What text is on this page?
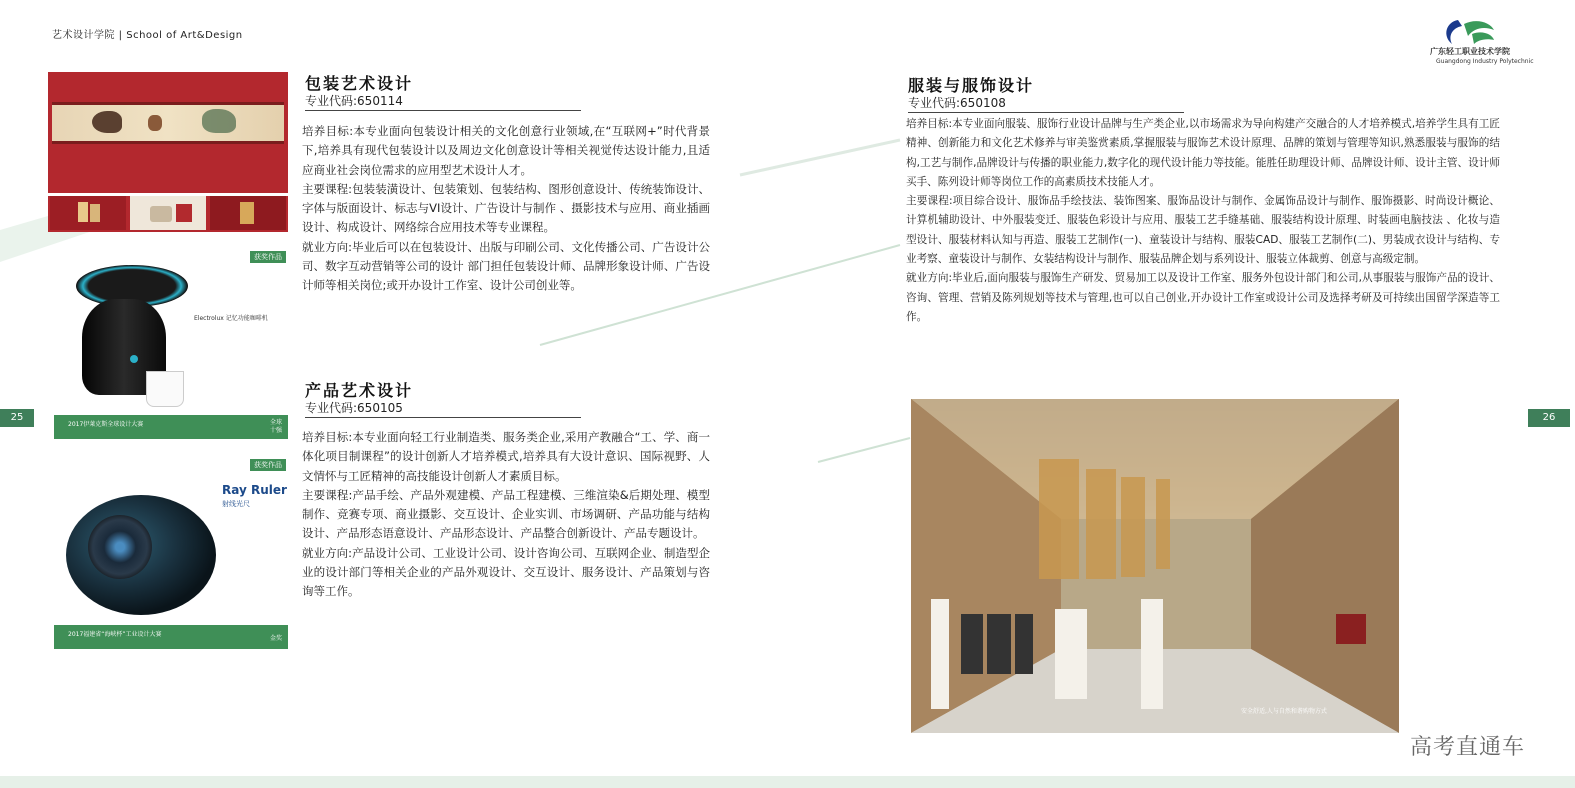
艺术设计学院 | School of Art&Design
广东轻工职业技术学院
Guangdong Industry Polytechnic
25	26
获奖作品
Electrolux 记忆功能咖啡机
2017伊莱克斯全球设计大赛	全球十强
获奖作品
Ray Ruler
射线光尺
2017福建省“海峡杯”工业设计大赛
金奖
包装艺术设计
专业代码:650114
培养目标:本专业面向包装设计相关的文化创意行业领域,在“互联网+”时代背景下,培养具有现代包装设计以及周边文化创意设计等相关视觉传达设计能力,且适应商业社会岗位需求的应用型艺术设计人才。
主要课程:包装装潢设计、包装策划、包装结构、图形创意设计、传统装饰设计、字体与版面设计、标志与VI设计、广告设计与制作 、摄影技术与应用、商业插画设计、构成设计、网络综合应用技术等专业课程。
就业方向:毕业后可以在包装设计、出版与印刷公司、文化传播公司、广告设计公司、数字互动营销等公司的设计 部门担任包装设计师、品牌形象设计师、广告设计师等相关岗位;或开办设计工作室、设计公司创业等。
产品艺术设计
专业代码:650105
培养目标:本专业面向轻工行业制造类、服务类企业,采用产教融合“工、学、商一体化项目制课程”的设计创新人才培养模式,培养具有大设计意识、国际视野、人文情怀与工匠精神的高技能设计创新人才素质目标。
主要课程:产品手绘、产品外观建模、产品工程建模、三维渲染&后期处理、模型制作、竞赛专项、商业摄影、交互设计、企业实训、市场调研、产品功能与结构设计、产品形态语意设计、产品形态设计、产品整合创新设计、产品专题设计。
就业方向:产品设计公司、工业设计公司、设计咨询公司、互联网企业、制造型企业的设计部门等相关企业的产品外观设计、交互设计、服务设计、产品策划与咨询等工作。
服装与服饰设计
专业代码:650108
培养目标:本专业面向服装、服饰行业设计品牌与生产类企业,以市场需求为导向构建产交融合的人才培养模式,培养学生具有工匠精神、创新能力和文化艺术修养与审美鉴赏素质,掌握服装与服饰艺术设计原理、品牌的策划与管理等知识,熟悉服装与服饰的结构,工艺与制作,品牌设计与传播的职业能力,数字化的现代设计能力等技能。能胜任助理设计师、品牌设计师、设计主管、设计师买手、陈列设计师等岗位工作的高素质技术技能人才。
主要课程:项目综合设计、服饰品手绘技法、装饰图案、服饰品设计与制作、金属饰品设计与制作、服饰摄影、时尚设计概论、计算机辅助设计、中外服装变迁、服装色彩设计与应用、服装工艺手缝基础、服装结构设计原理、时装画电脑技法 、化妆与造型设计、服装材料认知与再造、服装工艺制作(一)、童装设计与结构、服装CAD、服装工艺制作(二)、男装成衣设计与结构、专业考察、童装设计与制作、女装结构设计与制作、服装品牌企划与系列设计、服装立体裁剪、创意与高级定制。
就业方向:毕业后,面向服装与服饰生产研发、贸易加工以及设计工作室、服务外包设计部门和公司,从事服装与服饰产品的设计、咨询、管理、营销及陈列规划等技术与管理,也可以自己创业,开办设计工作室或设计公司及选择考研及可持续出国留学深造等工作。
安全舒适,人与自然和谐购物方式
高考直通车
